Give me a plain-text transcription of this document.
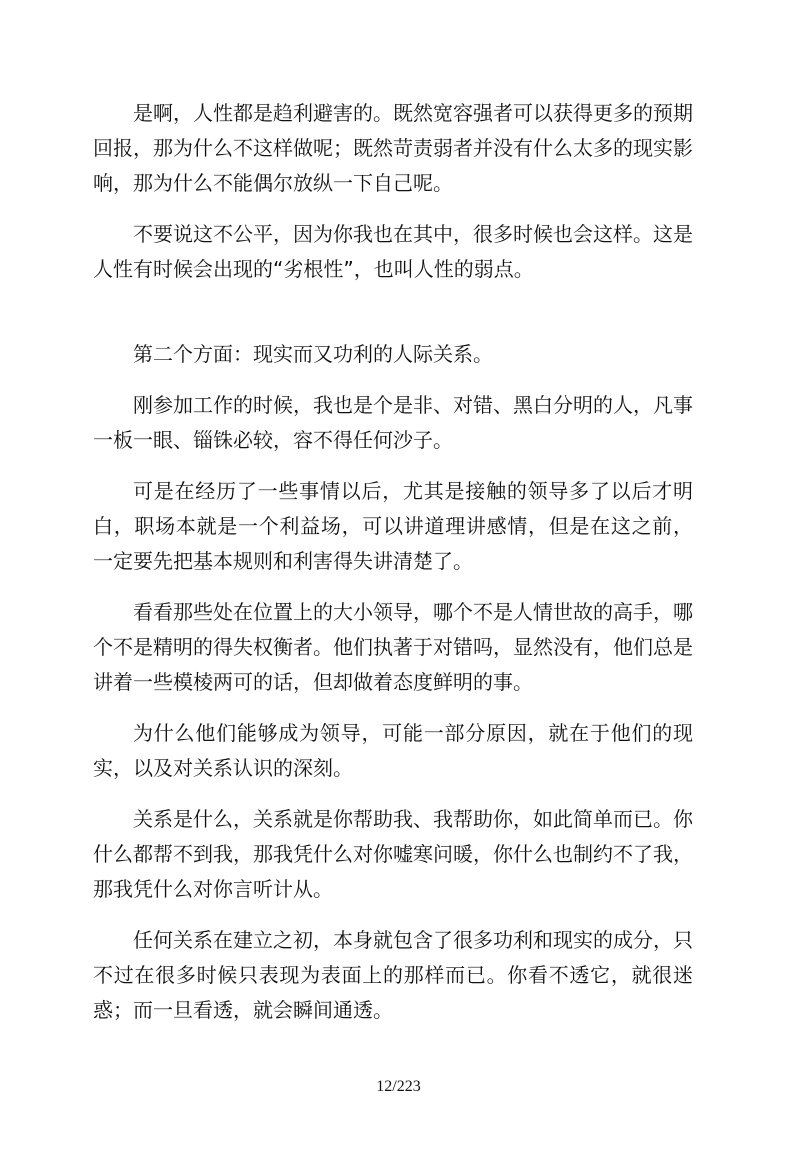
是啊，人性都是趋利避害的。既然宽容强者可以获得更多的预期回报，那为什么不这样做呢；既然苛责弱者并没有什么太多的现实影响，那为什么不能偶尔放纵一下自己呢。

不要说这不公平，因为你我也在其中，很多时候也会这样。这是人性有时候会出现的“劣根性”，也叫人性的弱点。

第二个方面：现实而又功利的人际关系。

刚参加工作的时候，我也是个是非、对错、黑白分明的人，凡事一板一眼、锱铢必较，容不得任何沙子。

可是在经历了一些事情以后，尤其是接触的领导多了以后才明白，职场本就是一个利益场，可以讲道理讲感情，但是在这之前，   一定要先把基本规则和利害得失讲清楚了。

看看那些处在位置上的大小领导，哪个不是人情世故的高手，哪个不是精明的得失权衡者。他们执著于对错吗，显然没有，他们总是讲着一些模棱两可的话，但却做着态度鲜明的事。

为什么他们能够成为领导，可能一部分原因，就在于他们的现实，以及对关系认识的深刻。

关系是什么，关系就是你帮助我、我帮助你，如此简单而已。你什么都帮不到我，那我凭什么对你嘘寒问暖，你什么也制约不了我，那我凭什么对你言听计从。

任何关系在建立之初，本身就包含了很多功利和现实的成分，只不过在很多时候只表现为表面上的那样而已。你看不透它，就很迷惑；而一旦看透，就会瞬间通透。

12/223
